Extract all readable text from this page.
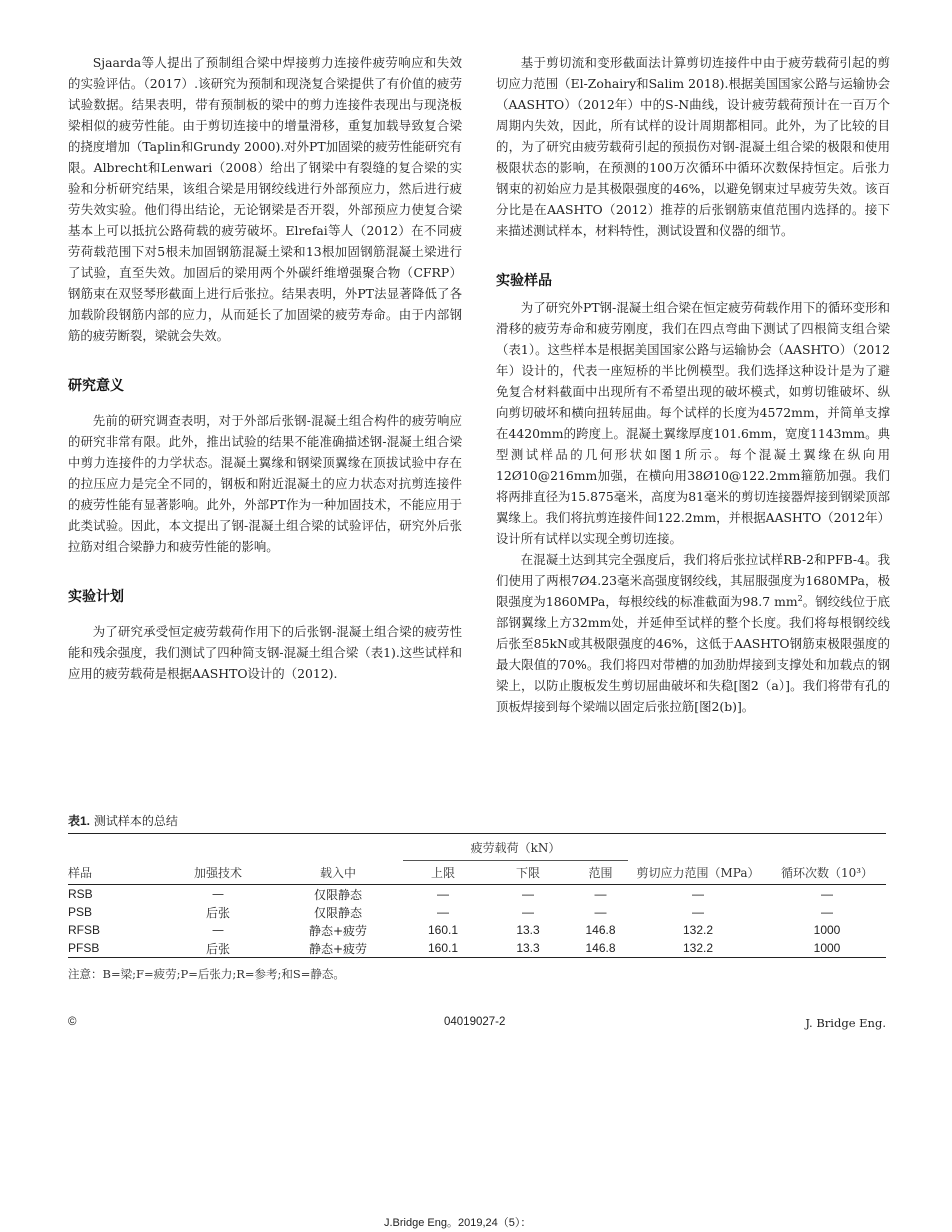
Sjaarda等人提出了预制组合梁中焊接剪力连接件疲劳响应和失效的实验评估。（2017）.该研究为预制和现浇复合梁提供了有价值的疲劳试验数据。结果表明，带有预制板的梁中的剪力连接件表现出与现浇板梁相似的疲劳性能。由于剪切连接中的增量滑移，重复加载导致复合梁的挠度增加（Taplin和Grundy 2000).对外PT加固梁的疲劳性能研究有限。Albrecht和Lenwari（2008）给出了钢梁中有裂缝的复合梁的实验和分析研究结果，该组合梁是用钢绞线进行外部预应力，然后进行疲劳失效实验。他们得出结论，无论钢梁是否开裂，外部预应力使复合梁基本上可以抵抗公路荷载的疲劳破坏。Elrefai等人（2012）在不同疲劳荷载范围下对5根未加固钢筋混凝土梁和13根加固钢筋混凝土梁进行了试验，直至失效。加固后的梁用两个外碳纤维增强聚合物（CFRP）钢筋束在双竖琴形截面上进行后张拉。结果表明，外PT法显著降低了各加载阶段钢筋内部的应力，从而延长了加固梁的疲劳寿命。由于内部钢筋的疲劳断裂，梁就会失效。

研究意义

先前的研究调查表明，对于外部后张钢-混凝土组合构件的疲劳响应的研究非常有限。此外，推出试验的结果不能准确描述钢-混凝土组合梁中剪力连接件的力学状态。混凝土翼缘和钢梁顶翼缘在顶拔试验中存在的拉压应力是完全不同的，钢板和附近混凝土的应力状态对抗剪连接件的疲劳性能有显著影响。此外，外部PT作为一种加固技术，不能应用于此类试验。因此，本文提出了钢-混凝土组合梁的试验评估，研究外后张拉筋对组合梁静力和疲劳性能的影响。

实验计划

为了研究承受恒定疲劳载荷作用下的后张钢-混凝土组合梁的疲劳性能和残余强度，我们测试了四种简支钢-混凝土组合梁（表1).这些试样和应用的疲劳载荷是根据AASHTO设计的（2012).

基于剪切流和变形截面法计算剪切连接件中由于疲劳载荷引起的剪切应力范围（El-Zohairy和Salim 2018).根据美国国家公路与运输协会（AASHTO）（2012年）中的S-N曲线，设计疲劳载荷预计在一百万个周期内失效，因此，所有试样的设计周期都相同。此外，为了比较的目的，为了研究由疲劳载荷引起的预损伤对钢-混凝土组合梁的极限和使用极限状态的影响，在预测的100万次循环中循环次数保持恒定。后张力钢束的初始应力是其极限强度的46%，以避免钢束过早疲劳失效。该百分比是在AASHTO（2012）推荐的后张钢筋束值范围内选择的。接下来描述测试样本，材料特性，测试设置和仪器的细节。

实验样品

为了研究外PT钢-混凝土组合梁在恒定疲劳荷载作用下的循环变形和滑移的疲劳寿命和疲劳刚度，我们在四点弯曲下测试了四根简支组合梁（表1）。这些样本是根据美国国家公路与运输协会（AASHTO）（2012年）设计的，代表一座短桥的半比例模型。我们选择这种设计是为了避免复合材料截面中出现所有不希望出现的破坏模式，如剪切锥破坏、纵向剪切破坏和横向扭转屈曲。每个试样的长度为4572mm，并简单支撑在4420mm的跨度上。混凝土翼缘厚度101.6mm，宽度1143mm。典型测试样品的几何形状如图1所示。每个混凝土翼缘在纵向用12Ø10@216mm加强，在横向用38Ø10@122.2mm箍筋加强。我们将两排直径为15.875毫米，高度为81毫米的剪切连接器焊接到钢梁顶部翼缘上。我们将抗剪连接件间122.2mm，并根据AASHTO（2012年）设计所有试样以实现全剪切连接。

在混凝土达到其完全强度后，我们将后张拉试样RB-2和PFB-4。我们使用了两根7Ø4.23毫米高强度钢绞线，其屈服强度为1680MPa，极限强度为1860MPa，每根绞线的标准截面为98.7 $mm^2$。钢绞线位于底部钢翼缘上方32mm处，并延伸至试样的整个长度。我们将每根钢绞线后张至85kN或其极限强度的46%，这低于AASHTO钢筋束极限强度的最大限值的70%。我们将四对带槽的加劲肋焊接到支撑处和加载点的钢梁上，以防止腹板发生剪切屈曲破坏和失稳[图2（a）]。我们将带有孔的顶板焊接到每个梁端以固定后张拉筋[图2(b)]。

表1. 测试样本的总结
			疲劳载荷（kN）				
样品	加强技术	载入中	上限	下限	范围	剪切应力范围（MPa）	循环次数（10³）
RSB	—	仅限静态	—	—	—	—	—
PSB	后张	仅限静态	—	—	—	—	—
RFSB	—	静态+疲劳	160.1	13.3	146.8	132.2	1000
PFSB	后张	静态+疲劳	160.1	13.3	146.8	132.2	1000
注意：B=梁;F=疲劳;P=后张力;R=参考;和S=静态。
©	04019027-2	J. Bridge Eng.
J.Bridge Eng。2019,24（5）：
